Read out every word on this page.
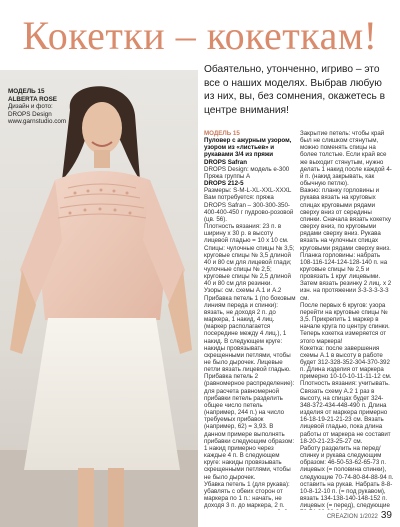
Кокетки – кокеткам!
МОДЕЛЬ 15
ALBERTA ROSE
Дизайн и фото:
DROPS Design
www.garnstudio.com
Обаятельно, утонченно, игриво – это все о наших моделях. Выбрав любую из них, вы, без сомнения, окажетесь в центре внимания!
МОДЕЛЬ 15
Пуловер с ажурным узором, узором из «листьев» и рукавами 3/4 из пряжи DROPS Safran
DROPS Design: модель e-300
Пряжа группы А
DROPS 212-5
Размеры: S-M-L-XL-XXL-XXXL
Вам потребуется: пряжа DROPS Safran – 300-300-350-400-400-450 г пудрово-розовой (цв. 56).
Плотность вязания: 23 п. в ширину х 30 р. в высоту лицевой гладью = 10 х 10 см.
Спицы: чулочные спицы № 3,5; круговые спицы № 3,5 длиной 40 и 80 см для лицевой глади; чулочные спицы № 2,5; круговые спицы № 2,5 длиной 40 и 80 см для резинки.
Узоры: см. схемы А.1 и А.2
Прибавка петель 1 (по боковым линиям переда и спинки): вязать, не доходя 2 п. до маркера, 1 накид, 4 лиц. (маркер располагается посередине между 4 лиц.), 1 накид. В следующем круге: накиды провязывать скрещенными петлями, чтобы не было дырочек. Лицевые петли вязать лицевой гладью.
Прибавка петель 2 (равномерное распределение): для расчета равномерной прибавки петель разделить общее число петель (например, 244 п.) на число требуемых прибавок (например, 62) = 3,93. В данном примере выполнять прибавки следующим образом: 1 накид примерно через каждые 4 п. В следующем круге: накиды провязывать скрещенными петлями, чтобы не было дырочек.
Убавка петель 1 (для рукава): убавлять с обеих сторон от маркера по 1 п.: начать, не доходя 3 п. до маркера, 2 п.
Закрытие петель: чтобы край был не слишком стянутым, можно поменять спицы на более толстые. Если край все же выходит стянутым, нужно делать 1 накид после каждой 4-й п. (накид закрывать, как обычную петлю).
Важно: планку горловины и рукава вязать на круговых спицах круговыми рядами сверху вниз от середины спинки. Сначала вязать кокетку сверху вниз, по круговыми рядами сверху вниз. Рукава вязать на чулочных спицах круговыми рядами сверху вниз.
Планка горловины: набрать 108-116-124-124-128-140 п. на круговые спицы № 2,5 и провязать 1 круг лицевыми. Затем вязать резинку 2 лиц. х 2 изн. на протяжении 3-3-3-3-3-3 см.
После первых 6 кругов: узора перейти на круговые спицы № 3,5. Прикрепить 1 маркер в начале круга по центру спинки. Теперь кокетка измеряется от этого маркера!
Кокетка: после завершения схемы А.1 в высоту в работе будет 312-328-352-304-370-392 п. Длина изделия от маркера примерно 10-10-10-11-11-12 см.
Плотность вязания: учитывать.
Связать схему А.2 1 раз в высоту, на спицах будет 324-348-372-434-448-490 п. Длина изделия от маркера примерно 16-18-19-21-21-23 см. Вязать лицевой гладью, пока длина работы от маркера не составит 18-20-21-23-25-27 см.
Работу разделить на перед/спинку и рукава следующим образом: 46-50-53-62-65-73 п. лицевых (= половина спинки), следующие 70-74-80-84-88-94 п. оставить на рукав. Набрать 8-8-10-8-12-10 п. (= под рукавом), вязать 134-138-140-148-152 п. лицевых (= перед), следующие
CREAZION 1/2022 39
